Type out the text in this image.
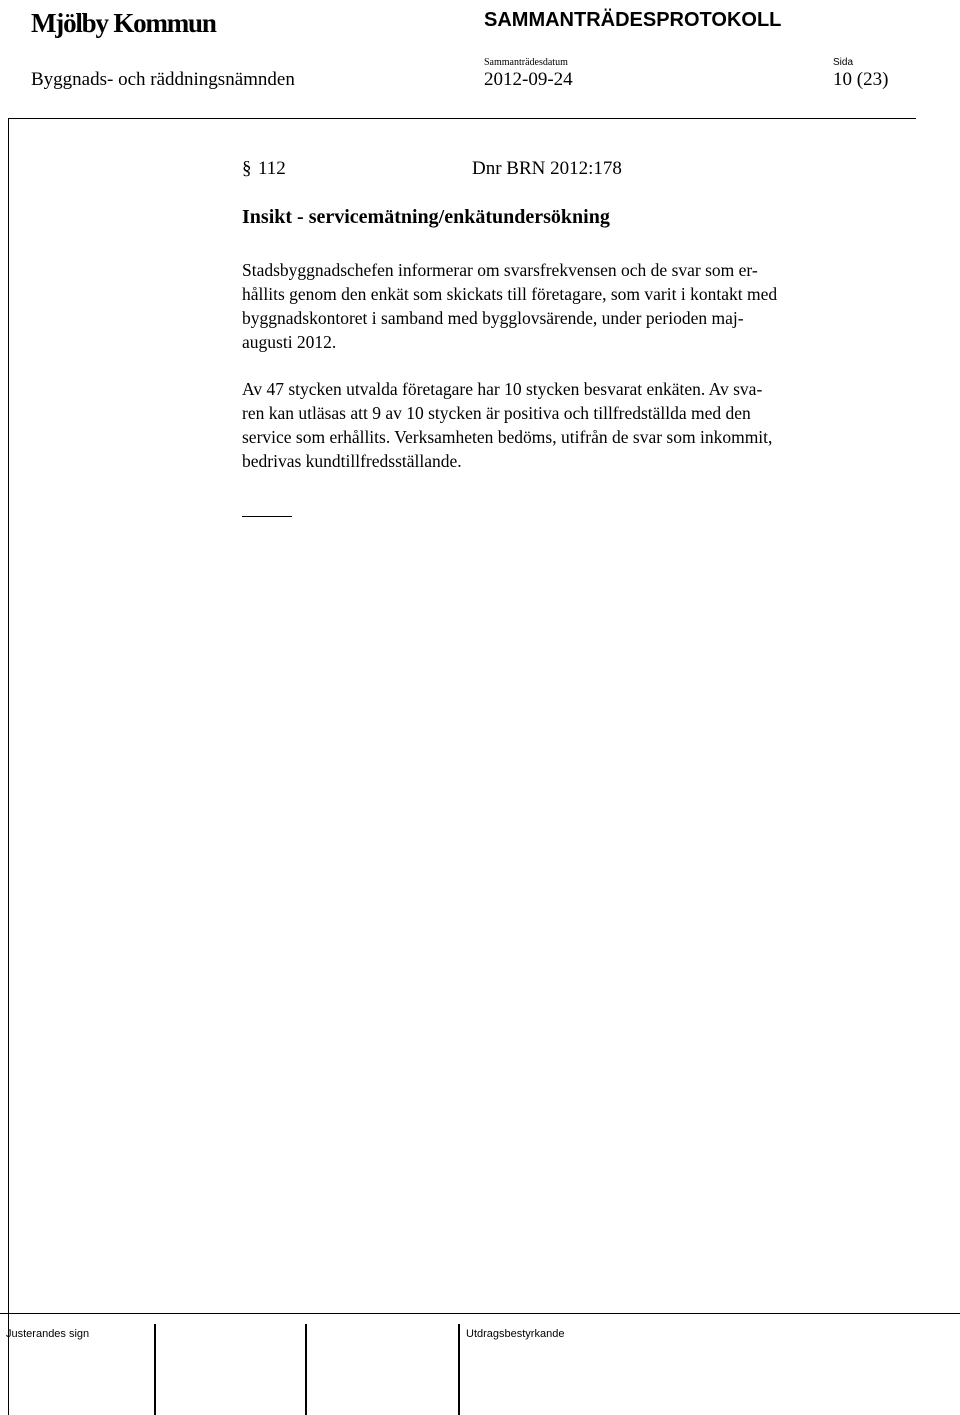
Mjölby Kommun	SAMMANTRÄDESPROTOKOLL
Sammanträdesdatum	Sida
Byggnads- och räddningsnämnden	2012-09-24	10 (23)
§ 112	Dnr BRN 2012:178
Insikt - servicemätning/enkätundersökning
Stadsbyggnadschefen informerar om svarsfrekvensen och de svar som er-
hållits genom den enkät som skickats till företagare, som varit i kontakt med
byggnadskontoret i samband med bygglovsärende, under perioden maj-
augusti 2012.
Av 47 stycken utvalda företagare har 10 stycken besvarat enkäten. Av sva-
ren kan utläsas att 9 av 10 stycken är positiva och tillfredställda med den
service som erhållits. Verksamheten bedöms, utifrån de svar som inkommit,
bedrivas kundtillfredsställande.
Justerandes sign	Utdragsbestyrkande
